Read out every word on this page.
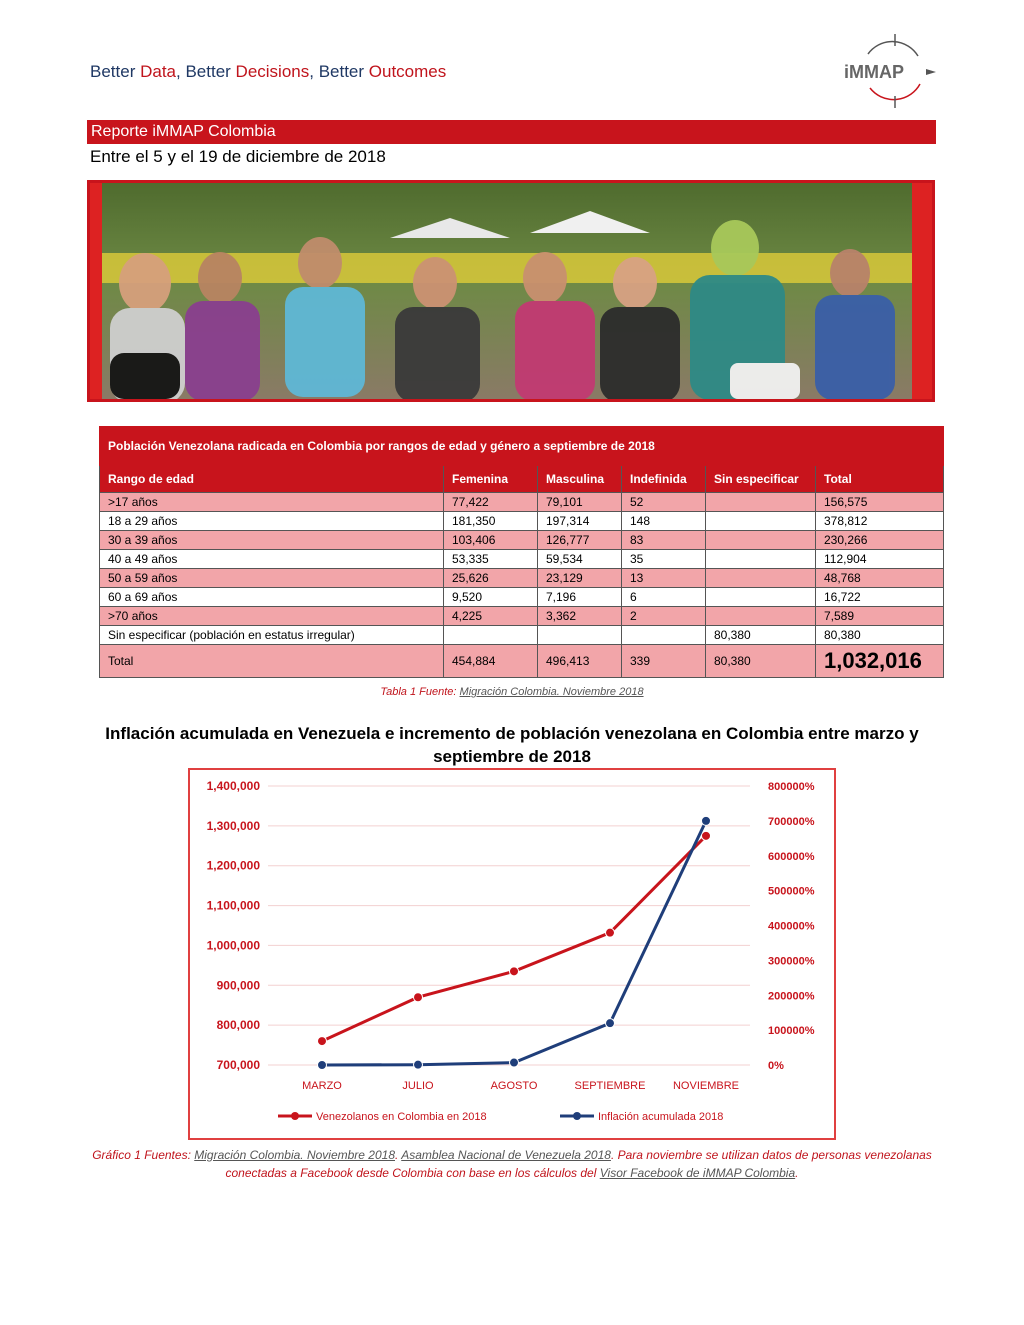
Better Data, Better Decisions, Better Outcomes	iMMAP
Reporte iMMAP Colombia
Entre el 5 y el 19 de diciembre de 2018
Población Venezolana radicada en Colombia por rangos de edad y género a septiembre de 2018					
Rango de edad	Femenina	Masculina	Indefinida	Sin especificar	Total
>17 años	77,422	79,101	52		156,575
18 a 29 años	181,350	197,314	148		378,812
30 a 39 años	103,406	126,777	83		230,266
40 a 49 años	53,335	59,534	35		112,904
50 a 59 años	25,626	23,129	13		48,768
60 a 69 años	9,520	7,196	6		16,722
>70 años	4,225	3,362	2		7,589
Sin especificar (población en estatus irregular)				80,380	80,380
Total	454,884	496,413	339	80,380	1,032,016
Tabla 1 Fuente: Migración Colombia. Noviembre 2018
Inflación acumulada en Venezuela e incremento de población venezolana en Colombia entre marzo y septiembre de 2018
700,000
800,000
900,000
1,000,000
1,100,000
1,200,000
1,300,000
1,400,000
0%
100000%
200000%
300000%
400000%
500000%
600000%
700000%
800000%
MARZO	JULIO	AGOSTO	SEPTIEMBRE	NOVIEMBRE
Venezolanos en Colombia en 2018	Inflación acumulada 2018
Gráfico 1 Fuentes: Migración Colombia. Noviembre 2018. Asamblea Nacional de Venezuela 2018. Para noviembre se utilizan datos de personas venezolanas conectadas a Facebook desde Colombia con base en los cálculos del Visor Facebook de iMMAP Colombia.
